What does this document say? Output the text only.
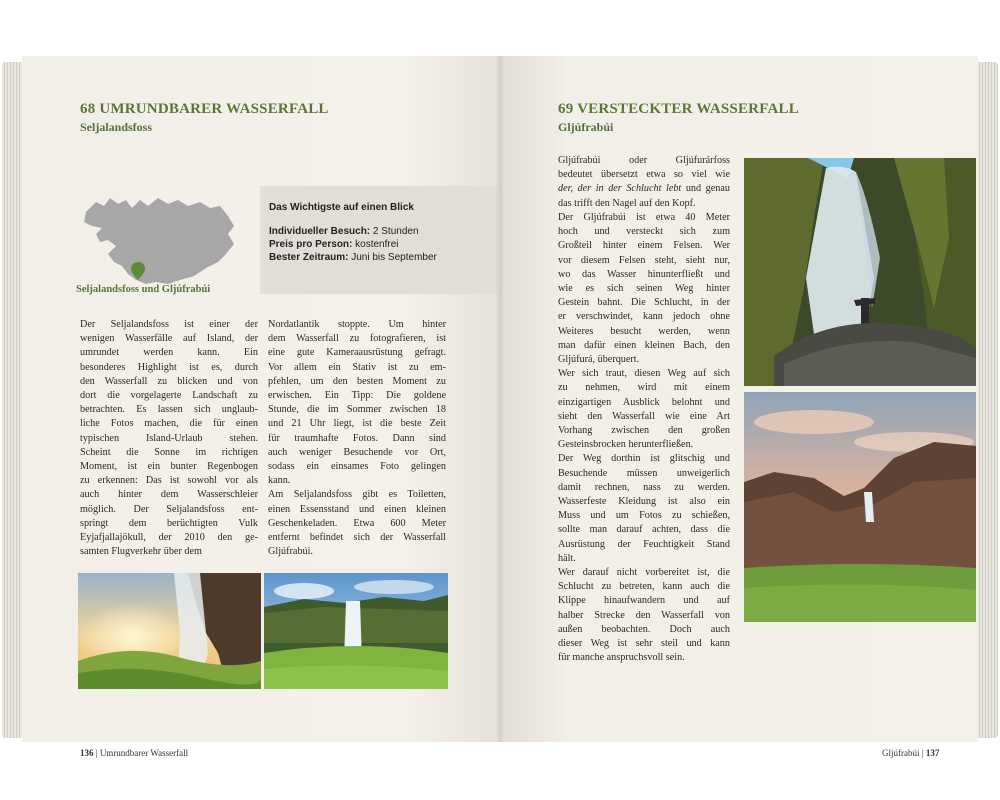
68 UMRUNDBARER WASSERFALL
Seljalandsfoss
Seljalandsfoss und Gljúfrabúi
Das Wichtigste auf einen Blick
Individueller Besuch: 2 Stunden
Preis pro Person: kostenfrei
Bester Zeitraum: Juni bis September
Der Seljalandsfoss ist einer der
wenigen Wasserfälle auf Island, der
umrundet werden kann. Ein
besonderes Highlight ist es, durch
den Wasserfall zu blicken und von
dort die vorgelagerte Landschaft zu
betrachten. Es lassen sich unglaub-
liche Fotos machen, die für einen
typischen Island-Urlaub stehen.
Scheint die Sonne im richtigen
Moment, ist ein bunter Regenbogen
zu erkennen: Das ist sowohl vor als
auch hinter dem Wasserschleier
möglich. Der Seljalandsfoss ent-
springt dem berüchtigten Vulk
Eyjafjallajökull, der 2010 den ge-
samten Flugverkehr über dem
Nordatlantik stoppte. Um hinter
dem Wasserfall zu fotografieren, ist
eine gute Kameraausrüstung gefragt.
Vor allem ein Stativ ist zu em-
pfehlen, um den besten Moment zu
erwischen. Ein Tipp: Die goldene
Stunde, die im Sommer zwischen 18
und 21 Uhr liegt, ist die beste Zeit
für traumhafte Fotos. Dann sind
auch weniger Besuchende vor Ort,
sodass ein einsames Foto gelingen
kann.
Am Seljalandsfoss gibt es Toiletten,
einen Essensstand und einen kleinen
Geschenkeladen. Etwa 600 Meter
entfernt befindet sich der Wasserfall
Gljúfrabúi.
136 | Umrundbarer Wasserfall
69 VERSTECKTER WASSERFALL
Gljúfrabúi
Gljúfrabúi	oder	Gljúfurárfoss
bedeutet übersetzt etwa so viel wie
der, der in der Schlucht lebt und genau
das trifft den Nagel auf den Kopf.
Der Gljúfrabúi ist etwa 40 Meter
hoch und versteckt sich zum
Großteil hinter einem Felsen. Wer
vor diesem Felsen steht, sieht nur,
wo das Wasser hinunterfließt und
wie es sich seinen Weg hinter
Gestein bahnt. Die Schlucht, in der
er verschwindet, kann jedoch ohne
Weiteres besucht werden, wenn
man dafür einen kleinen Bach, den
Gljúfurá, überquert.
Wer sich traut, diesen Weg auf sich
zu nehmen, wird mit einem
einzigartigen Ausblick belohnt und
sieht den Wasserfall wie eine Art
Vorhang zwischen den großen
Gesteinsbrocken herunterfließen.
Der Weg dorthin ist glitschig und
Besuchende müssen unweigerlich
damit rechnen, nass zu werden.
Wasserfeste Kleidung ist also ein
Muss und um Fotos zu schießen,
sollte man darauf achten, dass die
Ausrüstung der Feuchtigkeit Stand
hält.
Wer darauf nicht vorbereitet ist, die
Schlucht zu betreten, kann auch die
Klippe hinaufwandern und auf
halber Strecke den Wasserfall von
außen beobachten. Doch auch
dieser Weg ist sehr steil und kann
für manche anspruchsvoll sein.
Gljúfrabúi | 137
